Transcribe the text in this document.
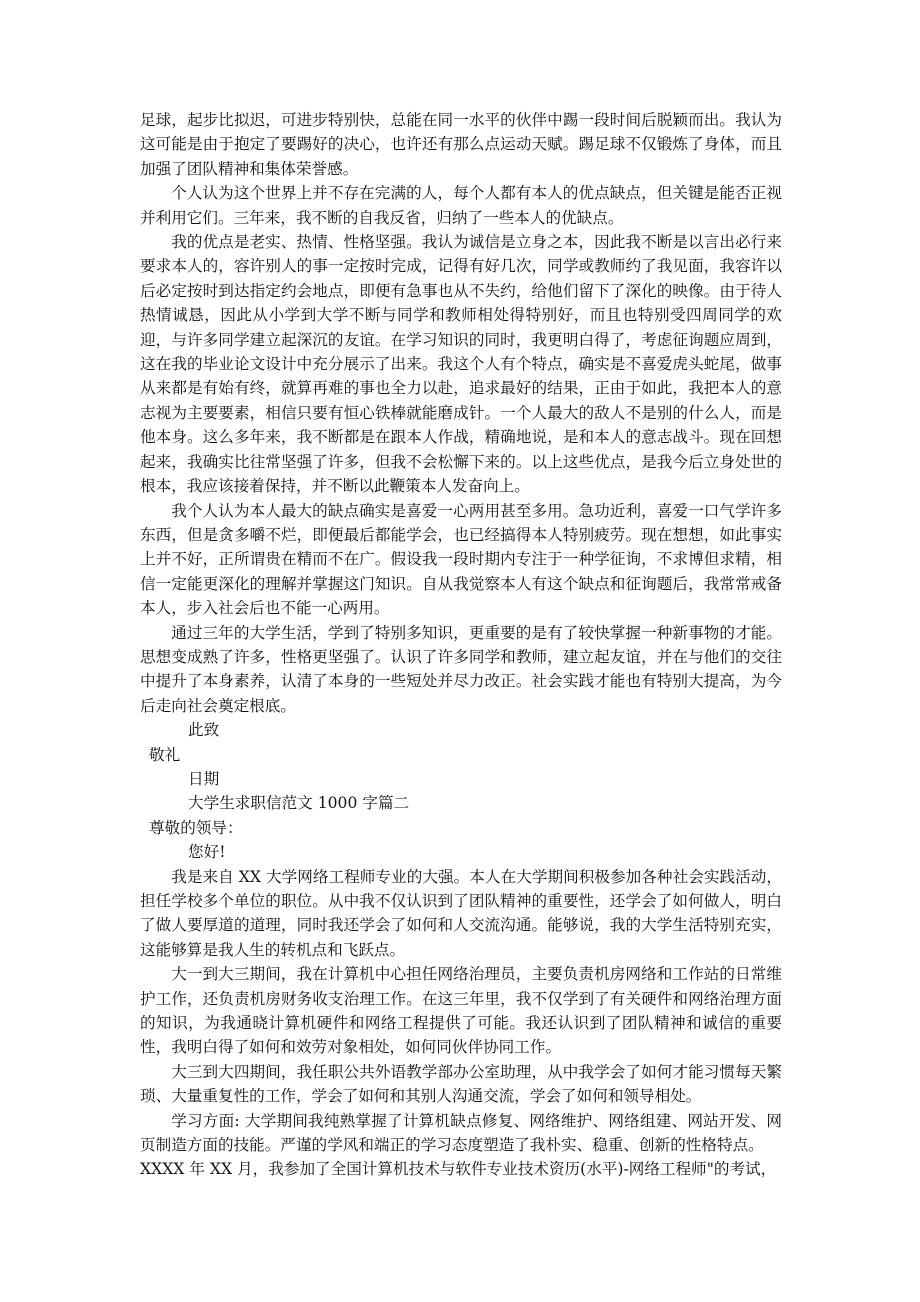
足球，起步比拟迟，可进步特别快，总能在同一水平的伙伴中踢一段时间后脱颖而出。我认为这可能是由于抱定了要踢好的决心，也许还有那么点运动天赋。踢足球不仅锻炼了身体，而且加强了团队精神和集体荣誉感。

个人认为这个世界上并不存在完满的人，每个人都有本人的优点缺点，但关键是能否正视并利用它们。三年来，我不断的自我反省，归纳了一些本人的优缺点。

我的优点是老实、热情、性格坚强。我认为诚信是立身之本，因此我不断是以言出必行来要求本人的，容许别人的事一定按时完成，记得有好几次，同学或教师约了我见面，我容许以后必定按时到达指定约会地点，即便有急事也从不失约，给他们留下了深化的映像。由于待人热情诚恳，因此从小学到大学不断与同学和教师相处得特别好，而且也特别受四周同学的欢迎，与许多同学建立起深沉的友谊。在学习知识的同时，我更明白得了，考虑征询题应周到，这在我的毕业论文设计中充分展示了出来。我这个人有个特点，确实是不喜爱虎头蛇尾，做事从来都是有始有终，就算再难的事也全力以赴，追求最好的结果，正由于如此，我把本人的意志视为主要要素，相信只要有恒心铁棒就能磨成针。一个人最大的敌人不是别的什么人，而是他本身。这么多年来，我不断都是在跟本人作战，精确地说，是和本人的意志战斗。现在回想起来，我确实比往常坚强了许多，但我不会松懈下来的。以上这些优点，是我今后立身处世的根本，我应该接着保持，并不断以此鞭策本人发奋向上。

我个人认为本人最大的缺点确实是喜爱一心两用甚至多用。急功近利，喜爱一口气学许多东西，但是贪多嚼不烂，即便最后都能学会，也已经搞得本人特别疲劳。现在想想，如此事实上并不好，正所谓贵在精而不在广。假设我一段时期内专注于一种学征询，不求博但求精，相信一定能更深化的理解并掌握这门知识。自从我觉察本人有这个缺点和征询题后，我常常戒备本人，步入社会后也不能一心两用。

通过三年的大学生活，学到了特别多知识，更重要的是有了较快掌握一种新事物的才能。思想变成熟了许多，性格更坚强了。认识了许多同学和教师，建立起友谊，并在与他们的交往中提升了本身素养，认清了本身的一些短处并尽力改正。社会实践才能也有特别大提高，为今后走向社会奠定根底。

此致

敬礼

日期

大学生求职信范文 1000 字篇二

尊敬的领导：

您好!

我是来自 XX 大学网络工程师专业的大强。本人在大学期间积极参加各种社会实践活动，担任学校多个单位的职位。从中我不仅认识到了团队精神的重要性，还学会了如何做人，明白了做人要厚道的道理，同时我还学会了如何和人交流沟通。能够说，我的大学生活特别充实，这能够算是我人生的转机点和飞跃点。

大一到大三期间，我在计算机中心担任网络治理员，主要负责机房网络和工作站的日常维护工作，还负责机房财务收支治理工作。在这三年里，我不仅学到了有关硬件和网络治理方面的知识，为我通晓计算机硬件和网络工程提供了可能。我还认识到了团队精神和诚信的重要性，我明白得了如何和效劳对象相处，如何同伙伴协同工作。

大三到大四期间，我任职公共外语教学部办公室助理，从中我学会了如何才能习惯每天繁琐、大量重复性的工作，学会了如何和其别人沟通交流，学会了如何和领导相处。

学习方面: 大学期间我纯熟掌握了计算机缺点修复、网络维护、网络组建、网站开发、网页制造方面的技能。严谨的学风和端正的学习态度塑造了我朴实、稳重、创新的性格特点。

XXXX 年 XX 月，我参加了全国计算机技术与软件专业技术资历(水平)-网络工程师"的考试，
